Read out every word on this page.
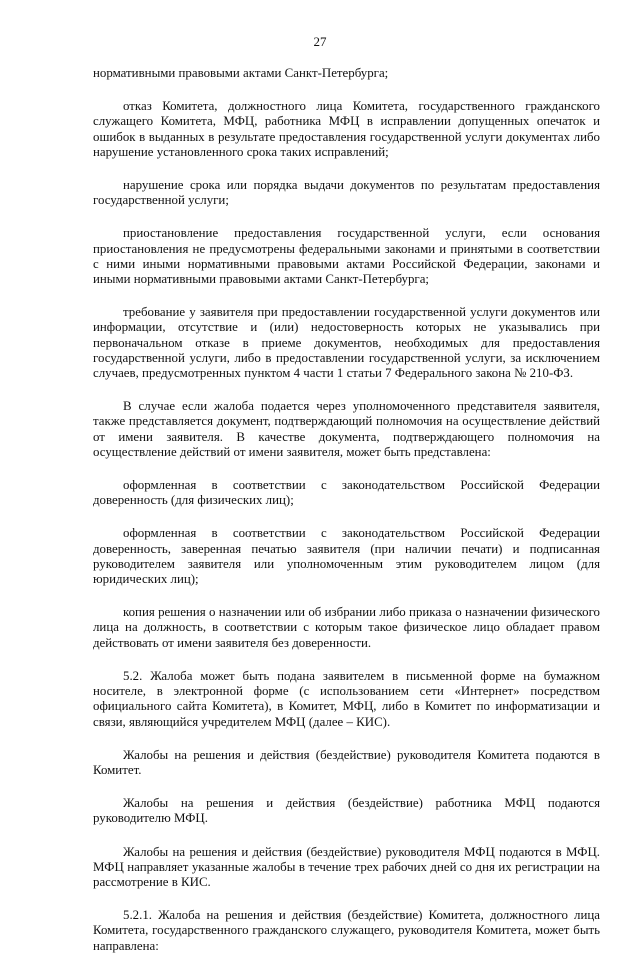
27

нормативными правовыми актами Санкт-Петербурга;

отказ Комитета, должностного лица Комитета, государственного гражданского служащего Комитета, МФЦ, работника МФЦ в исправлении допущенных опечаток и ошибок в выданных в результате предоставления государственной услуги документах либо нарушение установленного срока таких исправлений;

нарушение срока или порядка выдачи документов по результатам предоставления государственной услуги;

приостановление предоставления государственной услуги, если основания приостановления не предусмотрены федеральными законами и принятыми в соответствии с ними иными нормативными правовыми актами Российской Федерации, законами и иными нормативными правовыми актами Санкт-Петербурга;

требование у заявителя при предоставлении государственной услуги документов или информации, отсутствие и (или) недостоверность которых не указывались при первоначальном отказе в приеме документов, необходимых для предоставления государственной услуги, либо в предоставлении государственной услуги, за исключением случаев, предусмотренных пунктом 4 части 1 статьи 7 Федерального закона № 210-ФЗ.

В случае если жалоба подается через уполномоченного представителя заявителя, также представляется документ, подтверждающий полномочия на осуществление действий от имени заявителя. В качестве документа, подтверждающего полномочия на осуществление действий от имени заявителя, может быть представлена:

оформленная в соответствии с законодательством Российской Федерации доверенность (для физических лиц);

оформленная в соответствии с законодательством Российской Федерации доверенность, заверенная печатью заявителя (при наличии печати) и подписанная руководителем заявителя или уполномоченным этим руководителем лицом (для юридических лиц);

копия решения о назначении или об избрании либо приказа о назначении физического лица на должность, в соответствии с которым такое физическое лицо обладает правом действовать от имени заявителя без доверенности.

5.2. Жалоба может быть подана заявителем в письменной форме на бумажном носителе, в электронной форме (с использованием сети «Интернет» посредством официального сайта Комитета), в Комитет, МФЦ, либо в Комитет по информатизации и связи, являющийся учредителем МФЦ (далее – КИС).

Жалобы на решения и действия (бездействие) руководителя Комитета подаются в Комитет.

Жалобы на решения и действия (бездействие) работника МФЦ подаются руководителю МФЦ.

Жалобы на решения и действия (бездействие) руководителя МФЦ подаются в МФЦ. МФЦ направляет указанные жалобы в течение трех рабочих дней со дня их регистрации на рассмотрение в КИС.

5.2.1. Жалоба на решения и действия (бездействие) Комитета, должностного лица Комитета, государственного гражданского служащего, руководителя Комитета, может быть направлена:
